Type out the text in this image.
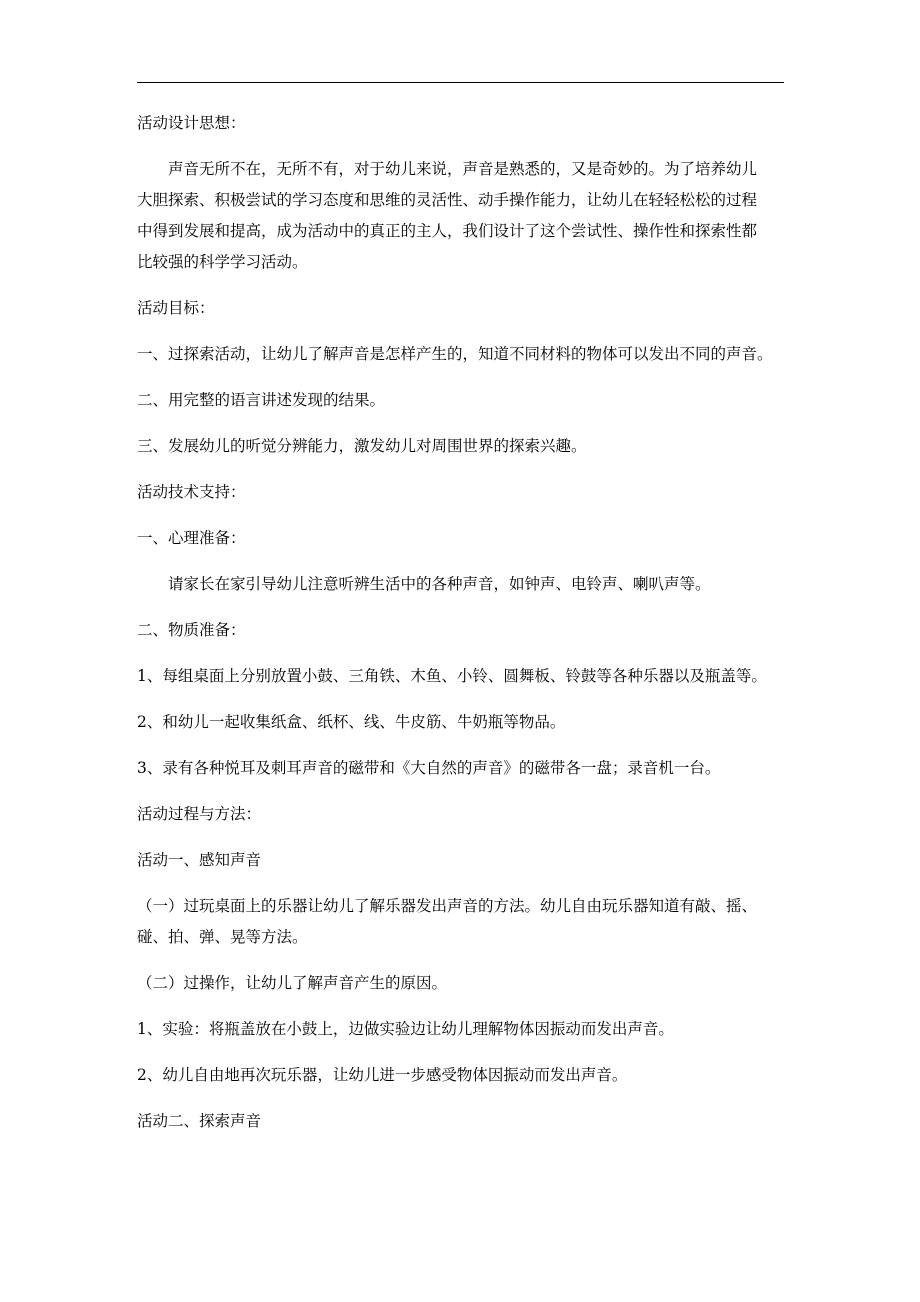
活动设计思想：

声音无所不在，无所不有，对于幼儿来说，声音是熟悉的，又是奇妙的。为了培养幼儿

大胆探索、积极尝试的学习态度和思维的灵活性、动手操作能力，让幼儿在轻轻松松的过程

中得到发展和提高，成为活动中的真正的主人，我们设计了这个尝试性、操作性和探索性都

比较强的科学学习活动。

活动目标：

一、过探索活动，让幼儿了解声音是怎样产生的，知道不同材料的物体可以发出不同的声音。

二、用完整的语言讲述发现的结果。

三、发展幼儿的听觉分辨能力，激发幼儿对周围世界的探索兴趣。

活动技术支持：

一、心理准备：

请家长在家引导幼儿注意听辨生活中的各种声音，如钟声、电铃声、喇叭声等。

二、物质准备：

1、每组桌面上分别放置小鼓、三角铁、木鱼、小铃、圆舞板、铃鼓等各种乐器以及瓶盖等。

2、和幼儿一起收集纸盒、纸杯、线、牛皮筋、牛奶瓶等物品。

3、录有各种悦耳及刺耳声音的磁带和《大自然的声音》的磁带各一盘；录音机一台。

活动过程与方法：

活动一、感知声音

（一）过玩桌面上的乐器让幼儿了解乐器发出声音的方法。幼儿自由玩乐器知道有敲、摇、

碰、拍、弹、晃等方法。

（二）过操作，让幼儿了解声音产生的原因。

1、实验：将瓶盖放在小鼓上，边做实验边让幼儿理解物体因振动而发出声音。

2、幼儿自由地再次玩乐器，让幼儿进一步感受物体因振动而发出声音。

活动二、探索声音
